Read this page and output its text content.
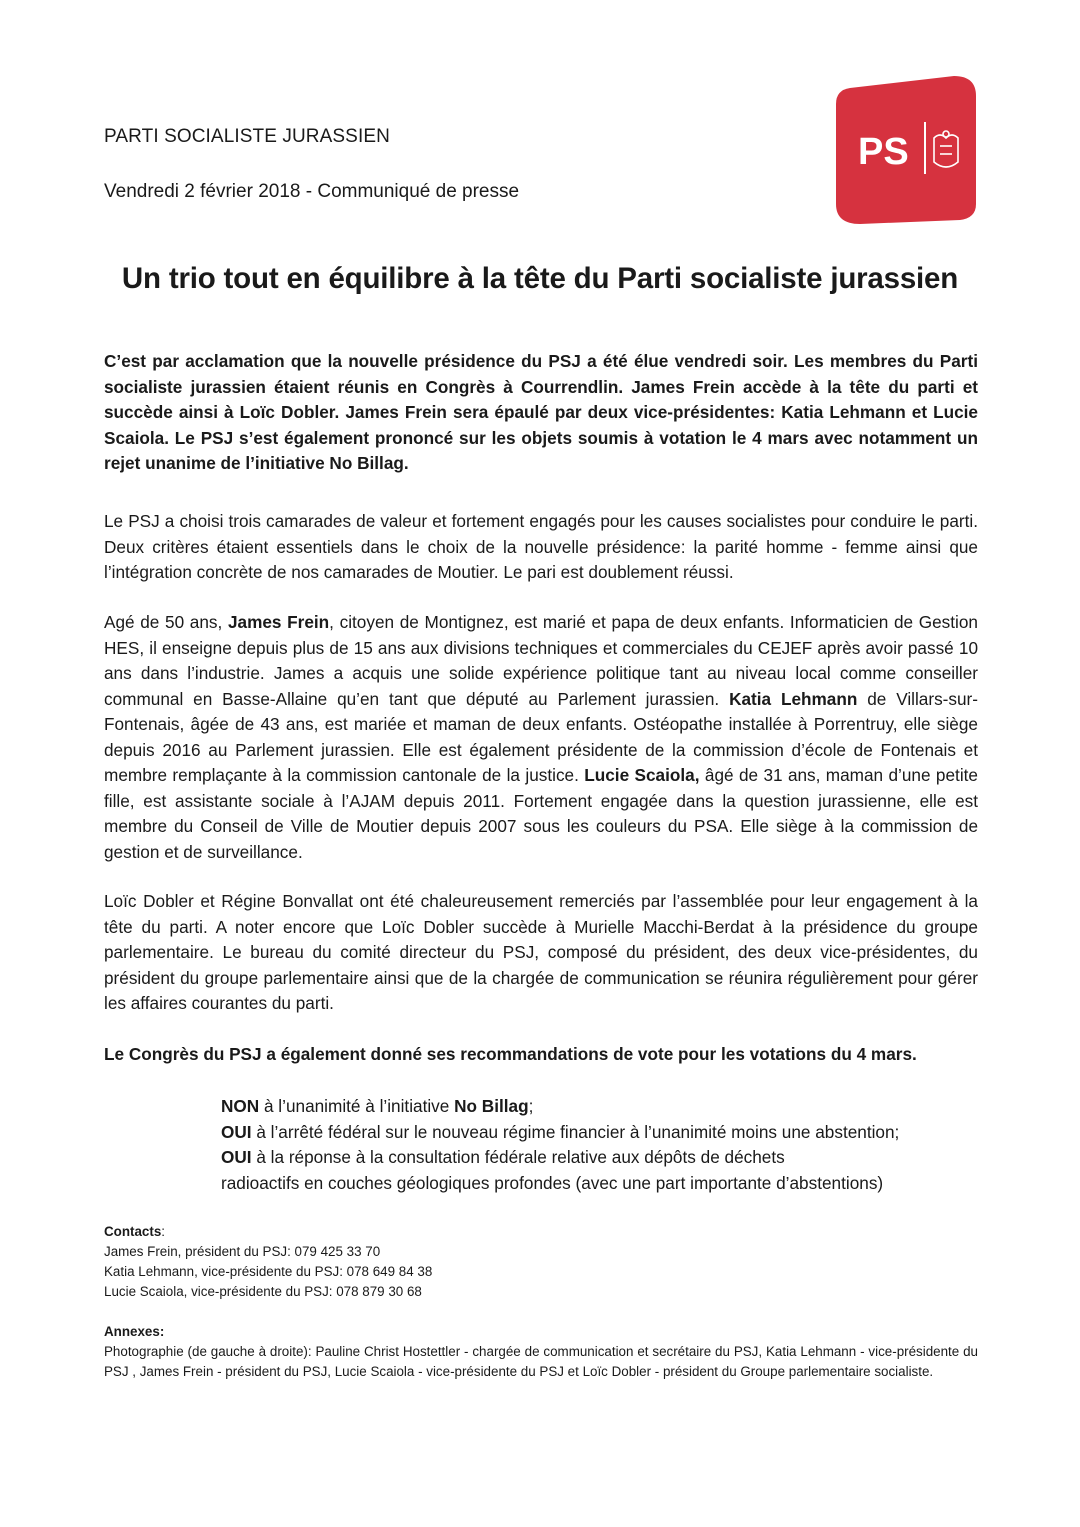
PARTI SOCIALISTE JURASSIEN
Vendredi 2 février 2018 - Communiqué de presse
PS
Un trio tout en équilibre à la tête du Parti socialiste jurassien

C’est par acclamation que la nouvelle présidence du PSJ a été élue vendredi soir. Les membres du Parti socialiste jurassien étaient réunis en Congrès à Courrendlin. James Frein accède à la tête du parti et succède ainsi à Loïc Dobler. James Frein sera épaulé par deux vice-présidentes: Katia Lehmann et Lucie Scaiola. Le PSJ s’est également prononcé sur les objets soumis à votation le 4 mars avec notamment un rejet unanime de l’initiative No Billag.

Le PSJ a choisi trois camarades de valeur et fortement engagés pour les causes socialistes pour conduire le parti. Deux critères étaient essentiels dans le choix de la nouvelle présidence: la parité homme - femme ainsi que l’intégration concrète de nos camarades de Moutier. Le pari est doublement réussi.

Agé de 50 ans, James Frein, citoyen de Montignez, est marié et papa de deux enfants. Informaticien de Gestion HES, il enseigne depuis plus de 15 ans aux divisions techniques et commerciales du CEJEF après avoir passé 10 ans dans l’industrie. James a acquis une solide expérience politique tant au niveau local comme conseiller communal en Basse-Allaine qu’en tant que député au Parlement jurassien. Katia Lehmann de Villars-sur-Fontenais, âgée de 43 ans, est mariée et maman de deux enfants. Ostéopathe installée à Porrentruy, elle siège depuis 2016 au Parlement jurassien. Elle est également présidente de la commission d’école de Fontenais et membre remplaçante à la commission cantonale de la justice. Lucie Scaiola, âgé de 31 ans, maman d’une petite fille, est assistante sociale à l’AJAM depuis 2011. Fortement engagée dans la question jurassienne, elle est membre du Conseil de Ville de Moutier depuis 2007 sous les couleurs du PSA. Elle siège à la commission de gestion et de surveillance.

Loïc Dobler et Régine Bonvallat ont été chaleureusement remerciés par l’assemblée pour leur engagement à la tête du parti. A noter encore que Loïc Dobler succède à Murielle Macchi-Berdat à la présidence du groupe parlementaire. Le bureau du comité directeur du PSJ, composé du président, des deux vice-présidentes, du président du groupe parlementaire ainsi que de la chargée de communication se réunira régulièrement pour gérer les affaires courantes du parti.

Le Congrès du PSJ a également donné ses recommandations de vote pour les votations du 4 mars.

NON à l’unanimité à l’initiative No Billag;
OUI à l’arrêté fédéral sur le nouveau régime financier à l’unanimité moins une abstention;
OUI à la réponse à la consultation fédérale relative aux dépôts de déchets
radioactifs en couches géologiques profondes (avec une part importante d’abstentions)
Contacts:
James Frein, président du PSJ: 079 425 33 70
Katia Lehmann, vice-présidente du PSJ: 078 649 84 38
Lucie Scaiola, vice-présidente du PSJ: 078 879 30 68
Annexes:
Photographie (de gauche à droite): Pauline Christ Hostettler - chargée de communication et secrétaire du PSJ, Katia Lehmann - vice-présidente du PSJ , James Frein - président du PSJ, Lucie Scaiola - vice-présidente du PSJ et Loïc Dobler - président du Groupe parlementaire socialiste.
